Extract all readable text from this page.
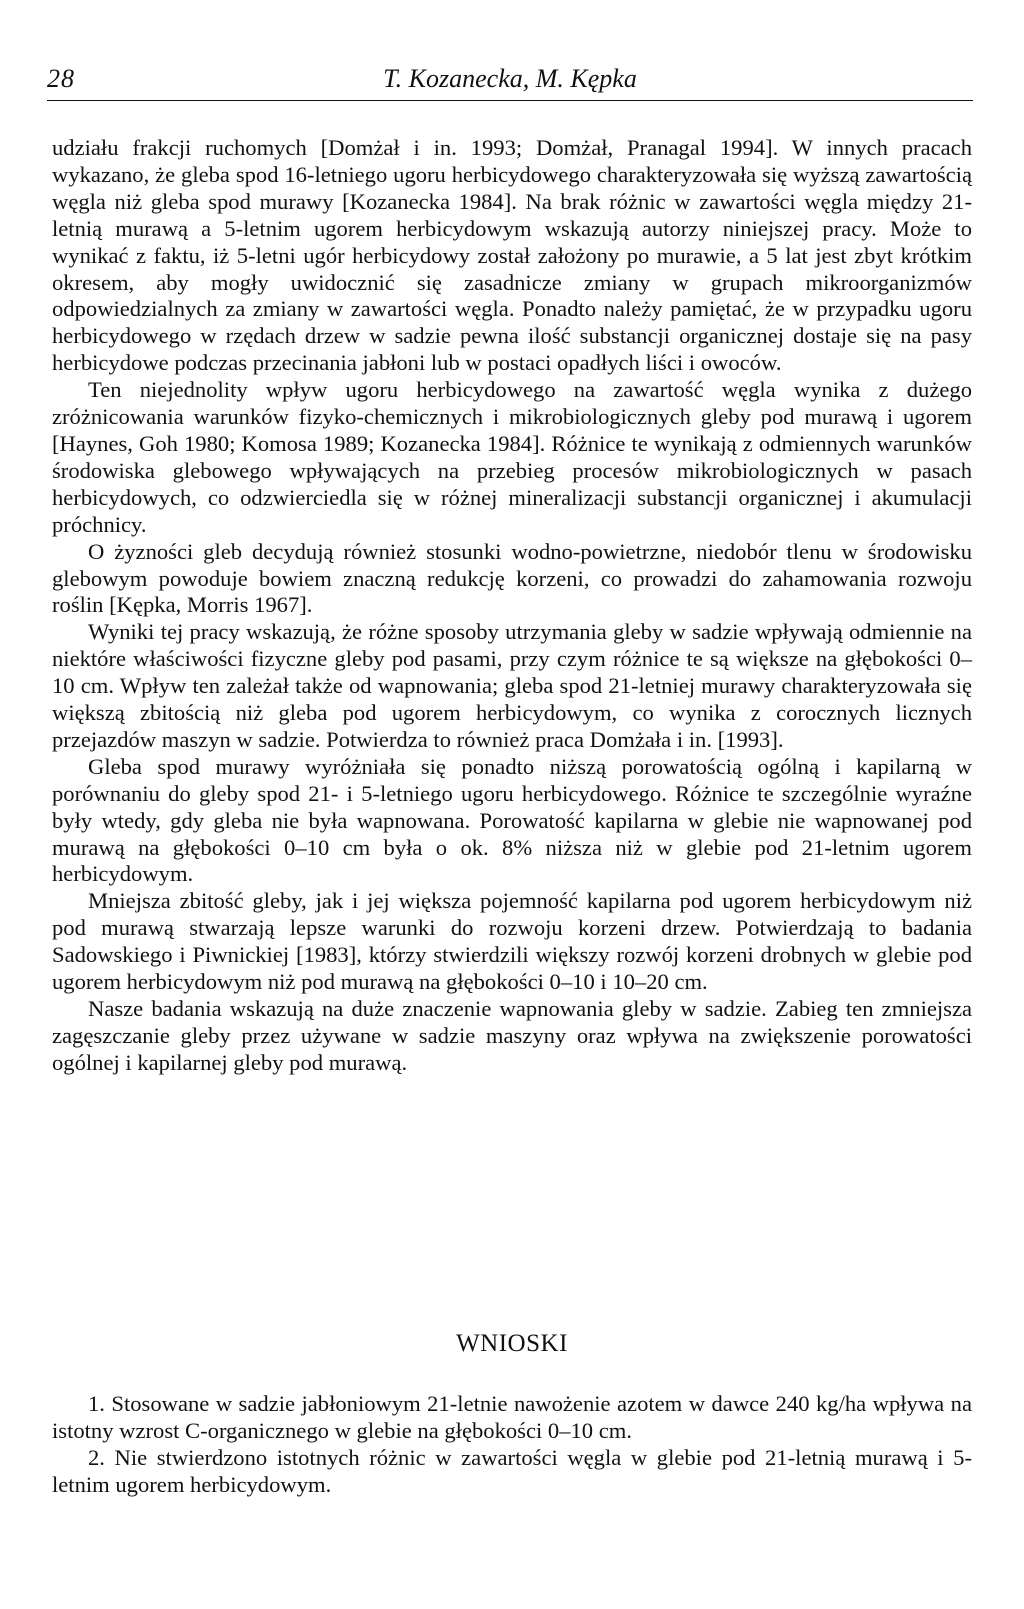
28	T. Kozanecka, M. Kępka

udziału frakcji ruchomych [Domżał i in. 1993; Domżał, Pranagal 1994]. W innych pracach wykazano, że gleba spod 16-letniego ugoru herbicydowego charakteryzowała się wyższą zawartością węgla niż gleba spod murawy [Kozanecka 1984]. Na brak różnic w zawartości węgla między 21-letnią murawą a 5-letnim ugorem herbicydowym wskazują autorzy niniejszej pracy. Może to wynikać z faktu, iż 5-letni ugór herbicydowy został założony po murawie, a 5 lat jest zbyt krótkim okresem, aby mogły uwidocznić się zasadnicze zmiany w grupach mikroorganizmów odpowiedzialnych za zmiany w zawartości węgla. Ponadto należy pamiętać, że w przypadku ugoru herbicydowego w rzędach drzew w sadzie pewna ilość substancji organicznej dostaje się na pasy herbicydowe podczas przecinania jabłoni lub w postaci opadłych liści i owoców.

Ten niejednolity wpływ ugoru herbicydowego na zawartość węgla wynika z dużego zróżnicowania warunków fizyko-chemicznych i mikrobiologicznych gleby pod murawą i ugorem [Haynes, Goh 1980; Komosa 1989; Kozanecka 1984]. Różnice te wynikają z odmiennych warunków środowiska glebowego wpływających na przebieg procesów mikrobiologicznych w pasach herbicydowych, co odzwierciedla się w różnej mineralizacji substancji organicznej i akumulacji próchnicy.

O żyzności gleb decydują również stosunki wodno-powietrzne, niedobór tlenu w środowisku glebowym powoduje bowiem znaczną redukcję korzeni, co prowadzi do zahamowania rozwoju roślin [Kępka, Morris 1967].

Wyniki tej pracy wskazują, że różne sposoby utrzymania gleby w sadzie wpływają odmiennie na niektóre właściwości fizyczne gleby pod pasami, przy czym różnice te są większe na głębokości 0–10 cm. Wpływ ten zależał także od wapnowania; gleba spod 21-letniej murawy charakteryzowała się większą zbitością niż gleba pod ugorem herbicydowym, co wynika z corocznych licznych przejazdów maszyn w sadzie. Potwierdza to również praca Domżała i in. [1993].

Gleba spod murawy wyróżniała się ponadto niższą porowatością ogólną i kapilarną w porównaniu do gleby spod 21- i 5-letniego ugoru herbicydowego. Różnice te szczególnie wyraźne były wtedy, gdy gleba nie była wapnowana. Porowatość kapilarna w glebie nie wapnowanej pod murawą na głębokości 0–10 cm była o ok. 8% niższa niż w glebie pod 21-letnim ugorem herbicydowym.

Mniejsza zbitość gleby, jak i jej większa pojemność kapilarna pod ugorem herbicydowym niż pod murawą stwarzają lepsze warunki do rozwoju korzeni drzew. Potwierdzają to badania Sadowskiego i Piwnickiej [1983], którzy stwierdzili większy rozwój korzeni drobnych w glebie pod ugorem herbicydowym niż pod murawą na głębokości 0–10 i 10–20 cm.

Nasze badania wskazują na duże znaczenie wapnowania gleby w sadzie. Zabieg ten zmniejsza zagęszczanie gleby przez używane w sadzie maszyny oraz wpływa na zwiększenie porowatości ogólnej i kapilarnej gleby pod murawą.

WNIOSKI

1. Stosowane w sadzie jabłoniowym 21-letnie nawożenie azotem w dawce 240 kg/ha wpływa na istotny wzrost C-organicznego w glebie na głębokości 0–10 cm.

2. Nie stwierdzono istotnych różnic w zawartości węgla w glebie pod 21-letnią murawą i 5-letnim ugorem herbicydowym.
